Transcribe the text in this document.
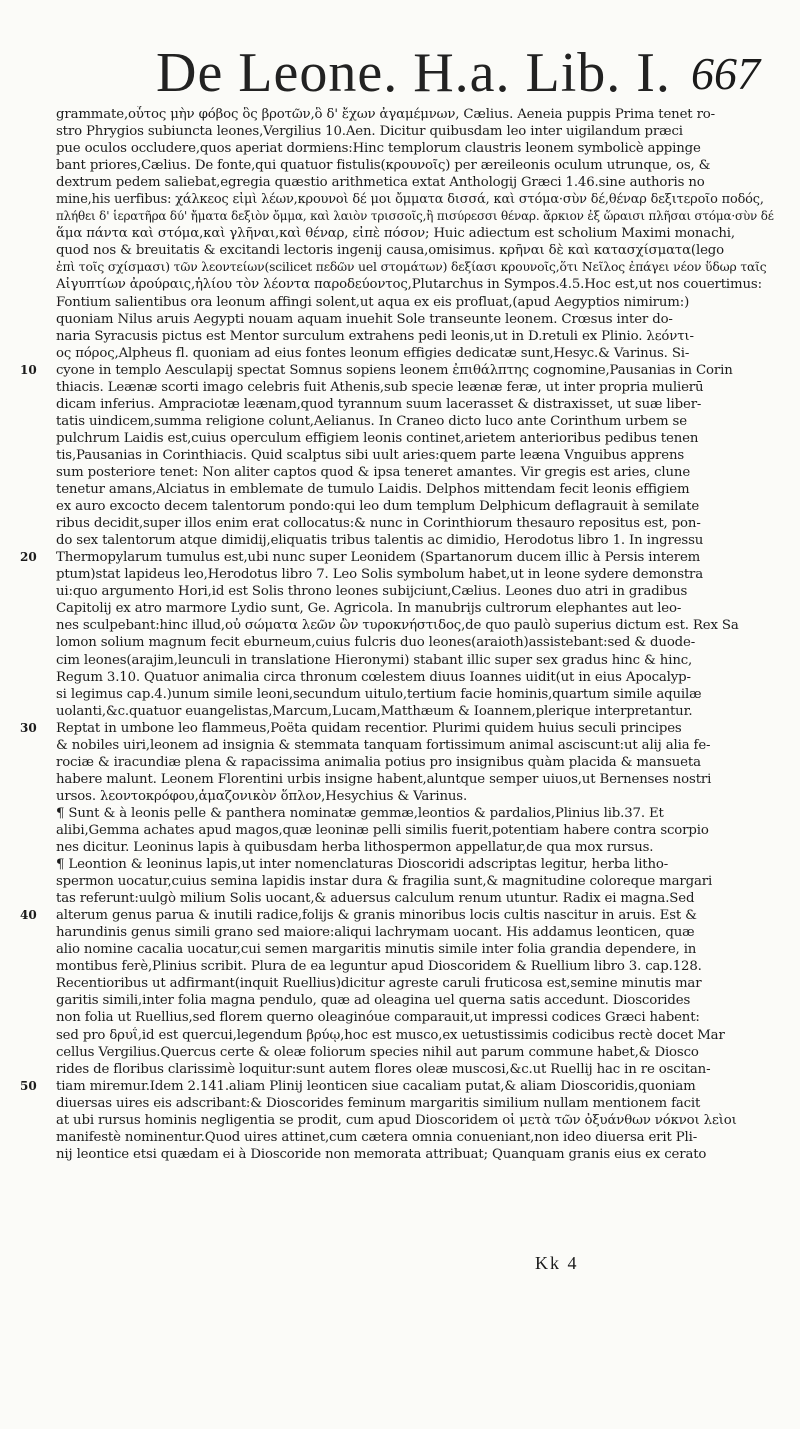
De Leone. H.a. Lib. I. 667
grammate,οὗτος μὴν φόβος ὃς βροτῶν,ὃ δ' ἔχων ἀγαμέμνων, Cælius. Aeneia puppis Prima tenet ro-
stro Phrygios subiuncta leones,Vergilius 10.Aen. Dicitur quibusdam leo inter uigilandum præci
pue oculos occludere,quos aperiat dormiens:Hinc templorum claustris leonem symbolicè appinge
bant priores,Cælius. De fonte,qui quatuor fistulis(κρουνοῖς) per æreileonis oculum utrunque, os, &
dextrum pedem saliebat,egregia quæstio arithmetica extat Anthologij Græci 1.46.sine authoris no
mine,his uerfibus: χάλκεος εἰμὶ λέων,κρουνοὶ δέ μοι ὄμματα δισσά, καὶ στόμα·σὺν δέ,θέναρ δεξιτεροῖο ποδός,
πλήθει δ' ἱερατῆρα δύ' ἤματα δεξιὸν ὄμμα, καὶ λαιὸν τρισσοῖς,ἢ πισύρεσσι θέναρ. ἄρκιον ἐξ ὥραισι πλῆσαι στόμα·σὺν δέ
ἅμα πάντα καὶ στόμα,καὶ γλῆναι,καὶ θέναρ, εἰπὲ πόσον; Huic adiectum est scholium Maximi monachi,
quod nos & breuitatis & excitandi lectoris ingenij causa,omisimus. κρῆναι δὲ καὶ κατασχίσματα(lego
ἐπὶ τοῖς σχίσμασι) τῶν λεοντείων(scilicet πεδῶν uel στομάτων) δεξίασι κρουνοῖς,ὅτι Νεῖλος ἐπάγει νέον ὕδωρ ταῖς
Αἰγυπτίων ἀρούραις,ἡλίου τὸν λέοντα παροδεύοντος,Plutarchus in Sympos.4.5.Hoc est,ut nos couertimus:
Fontium salientibus ora leonum affingi solent,ut aqua ex eis profluat,(apud Aegyptios nimirum:)
quoniam Nilus aruis Aegypti nouam aquam inuehit Sole transeunte leonem. Crœsus inter do-
naria Syracusis pictus est Mentor surculum extrahens pedi leonis,ut in D.retuli ex Plinio. λεόντι-
ος πόρος,Alpheus fl. quoniam ad eius fontes leonum effigies dedicatæ sunt,Hesyc.& Varinus. Si-
cyone in templo Aesculapij spectat Somnus sopiens leonem ἐπιθάλπτης cognomine,Pausanias in Corin
thiacis. Leænæ scorti imago celebris fuit Athenis,sub specie leænæ feræ, ut inter propria mulierū
dicam inferius. Ampraciotæ leænam,quod tyrannum suum lacerasset & distraxisset, ut suæ liber-
tatis uindicem,summa religione colunt,Aelianus. In Craneo dicto luco ante Corinthum urbem se
pulchrum Laidis est,cuius operculum effigiem leonis continet,arietem anterioribus pedibus tenen
tis,Pausanias in Corinthiacis. Quid scalptus sibi uult aries:quem parte leæna Vnguibus apprens
sum posteriore tenet: Non aliter captos quod & ipsa teneret amantes. Vir gregis est aries, clune
tenetur amans,Alciatus in emblemate de tumulo Laidis. Delphos mittendam fecit leonis effigiem
ex auro excocto decem talentorum pondo:qui leo dum templum Delphicum deflagrauit à semilate
ribus decidit,super illos enim erat collocatus:& nunc in Corinthiorum thesauro repositus est, pon-
do sex talentorum atque dimidij,eliquatis tribus talentis ac dimidio, Herodotus libro 1. In ingressu
Thermopylarum tumulus est,ubi nunc super Leonidem (Spartanorum ducem illic à Persis interem
ptum)stat lapideus leo,Herodotus libro 7. Leo Solis symbolum habet,ut in leone sydere demonstra
ui:quo argumento Hori,id est Solis throno leones subijciunt,Cælius. Leones duo atri in gradibus
Capitolij ex atro marmore Lydio sunt, Ge. Agricola. In manubrijs cultrorum elephantes aut leo-
nes sculpebant:hinc illud,οὐ σώματα λεῶν ὢν τυροκνήστιδος,de quo paulò superius dictum est. Rex Sa
lomon solium magnum fecit eburneum,cuius fulcris duo leones(araioth)assistebant:sed & duode-
cim leones(arajim,leunculi in translatione Hieronymi) stabant illic super sex gradus hinc & hinc,
Regum 3.10. Quatuor animalia circa thronum cœlestem diuus Ioannes uidit(ut in eius Apocalyp-
si legimus cap.4.)unum simile leoni,secundum uitulo,tertium facie hominis,quartum simile aquilæ
uolanti,&c.quatuor euangelistas,Marcum,Lucam,Matthæum & Ioannem,plerique interpretantur.
Reptat in umbone leo flammeus,Poëta quidam recentior. Plurimi quidem huius seculi principes
& nobiles uiri,leonem ad insignia & stemmata tanquam fortissimum animal asciscunt:ut alij alia fe-
rociæ & iracundiæ plena & rapacissima animalia potius pro insignibus quàm placida & mansueta
habere malunt. Leonem Florentini urbis insigne habent,aluntque semper uiuos,ut Bernenses nostri
ursos. λεοντοκρόφου,ἁμαζονικὸν ὅπλον,Hesychius & Varinus.
¶ Sunt & à leonis pelle & panthera nominatæ gemmæ,leontios & pardalios,Plinius lib.37. Et
alibi,Gemma achates apud magos,quæ leoninæ pelli similis fuerit,potentiam habere contra scorpio
nes dicitur. Leoninus lapis à quibusdam herba lithospermon appellatur,de qua mox rursus.
¶ Leontion & leoninus lapis,ut inter nomenclaturas Dioscoridi adscriptas legitur, herba litho-
spermon uocatur,cuius semina lapidis instar dura & fragilia sunt,& magnitudine coloreque margari
tas referunt:uulgò milium Solis uocant,& aduersus calculum renum utuntur. Radix ei magna.Sed
alterum genus parua & inutili radice,folijs & granis minoribus locis cultis nascitur in aruis. Est &
harundinis genus simili grano sed maiore:aliqui lachrymam uocant. His addamus leonticen, quæ
alio nomine cacalia uocatur,cui semen margaritis minutis simile inter folia grandia dependere, in
montibus ferè,Plinius scribit. Plura de ea leguntur apud Dioscoridem & Ruellium libro 3. cap.128.
Recentioribus ut adfirmant(inquit Ruellius)dicitur agreste caruli fruticosa est,semine minutis mar
garitis simili,inter folia magna pendulo, quæ ad oleagina uel querna satis accedunt. Dioscorides
non folia ut Ruellius,sed florem querno oleaginóue comparauit,ut impressi codices Græci habent:
sed pro δρυΐ,id est quercui,legendum βρύῳ,hoc est musco,ex uetustissimis codicibus rectè docet Mar
cellus Vergilius.Quercus certe & oleæ foliorum species nihil aut parum commune habet,& Diosco
rides de floribus clarissimè loquitur:sunt autem flores oleæ muscosi,&c.ut Ruellij hac in re oscitan-
tiam miremur.Idem 2.141.aliam Plinij leonticen siue cacaliam putat,& aliam Dioscoridis,quoniam
diuersas uires eis adscribant:& Dioscorides feminum margaritis similium nullam mentionem facit
at ubi rursus hominis negligentia se prodit, cum apud Dioscoridem οἱ μετὰ τῶν ὀξυάνθων νόκνοι λεὶοι
manifestè nominentur.Quod uires attinet,cum cætera omnia conueniant,non ideo diuersa erit Pli-
nij leontice etsi quædam ei à Dioscoride non memorata attribuat; Quanquam granis eius ex cerato
Kk 4
10
20
30
40
50
